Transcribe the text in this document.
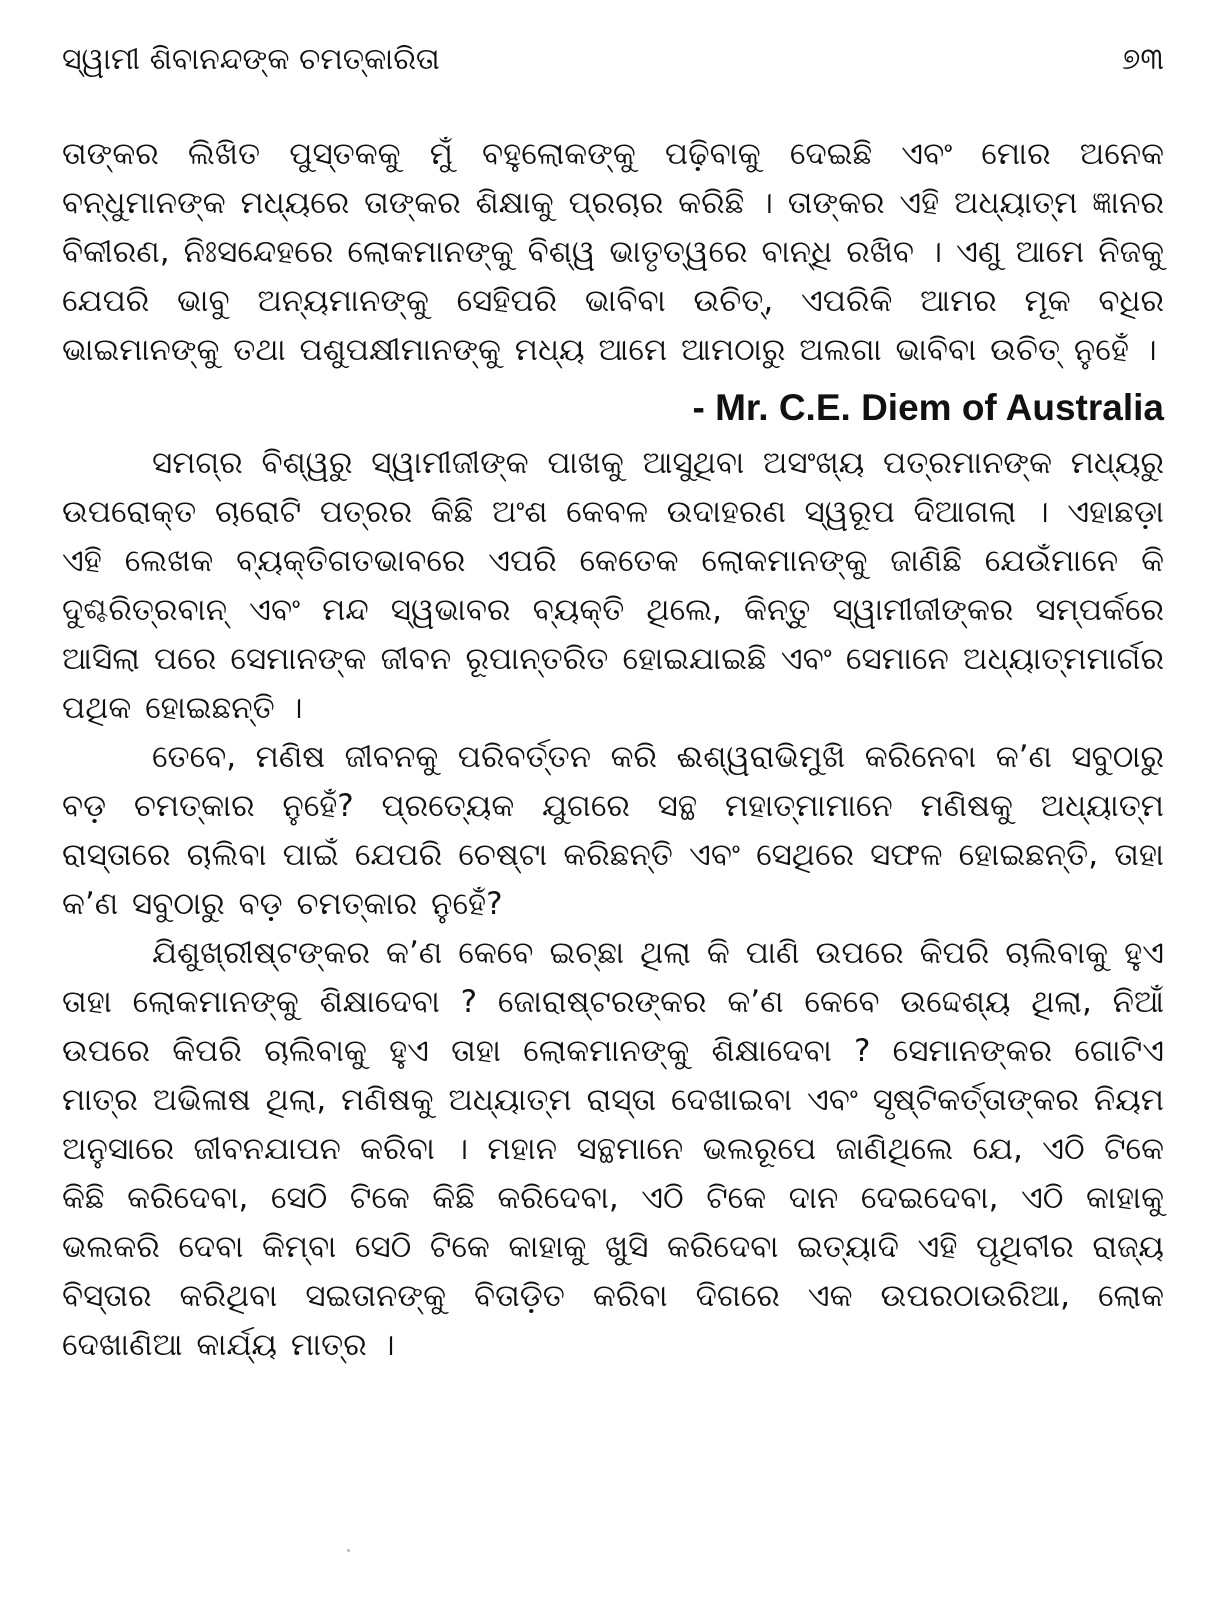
ସ୍ୱାମୀ ଶିବାନନ୍ଦଙ୍କ ଚମତ୍କାରିତା	୭୩

ତାଙ୍କର ଲିଖିତ ପୁସ୍ତକକୁ ମୁଁ ବହୁଲୋକଙ୍କୁ ପଢ଼ିବାକୁ ଦେଇଛି ଏବଂ ମୋର ଅନେକ ବନ୍ଧୁମାନଙ୍କ ମଧ୍ୟରେ ତାଙ୍କର ଶିକ୍ଷାକୁ ପ୍ରଚାର କରିଛି । ତାଙ୍କର ଏହି ଅଧ୍ୟାତ୍ମ ଜ୍ଞାନର ବିକୀରଣ, ନିଃସନ୍ଦେହରେ ଲୋକମାନଙ୍କୁ ବିଶ୍ୱ ଭାତୃତ୍ୱରେ ବାନ୍ଧି ରଖିବ । ଏଣୁ ଆମେ ନିଜକୁ ଯେପରି ଭାବୁ ଅନ୍ୟମାନଙ୍କୁ ସେହିପରି ଭାବିବା ଉଚିତ୍, ଏପରିକି ଆମର ମୂକ ବଧିର ଭାଇମାନଙ୍କୁ ତଥା ପଶୁପକ୍ଷୀମାନଙ୍କୁ ମଧ୍ୟ ଆମେ ଆମଠାରୁ ଅଲଗା ଭାବିବା ଉଚିତ୍ ନୁହେଁ ।

- Mr. C.E. Diem of Australia

ସମଗ୍ର ବିଶ୍ୱରୁ ସ୍ୱାମୀଜୀଙ୍କ ପାଖକୁ ଆସୁଥିବା ଅସଂଖ୍ୟ ପତ୍ରମାନଙ୍କ ମଧ୍ୟରୁ ଉପରୋକ୍ତ ଚାରୋଟି ପତ୍ରର କିଛି ଅଂଶ କେବଳ ଉଦାହରଣ ସ୍ୱରୂପ ଦିଆଗଲା । ଏହାଛଡ଼ା ଏହି ଲେଖକ ବ୍ୟକ୍ତିଗତଭାବରେ ଏପରି କେତେକ ଲୋକମାନଙ୍କୁ ଜାଣିଛି ଯେଉଁମାନେ କି ଦୁଶ୍ଚରିତ୍ରବାନ୍ ଏବଂ ମନ୍ଦ ସ୍ୱଭାବର ବ୍ୟକ୍ତି ଥିଲେ, କିନ୍ତୁ ସ୍ୱାମୀଜୀଙ୍କର ସମ୍ପର୍କରେ ଆସିଲା ପରେ ସେମାନଙ୍କ ଜୀବନ ରୂପାନ୍ତରିତ ହୋଇଯାଇଛି ଏବଂ ସେମାନେ ଅଧ୍ୟାତ୍ମମାର୍ଗର ପଥିକ ହୋଇଛନ୍ତି ।

ତେବେ, ମଣିଷ ଜୀବନକୁ ପରିବର୍ତ୍ତନ କରି ଈଶ୍ୱରାଭିମୁଖି କରିନେବା କ’ଣ ସବୁଠାରୁ ବଡ଼ ଚମତ୍କାର ନୁହେଁ? ପ୍ରତ୍ୟେକ ଯୁଗରେ ସନ୍ଥ ମହାତ୍ମାମାନେ ମଣିଷକୁ ଅଧ୍ୟାତ୍ମ ରାସ୍ତାରେ ଚାଲିବା ପାଇଁ ଯେପରି ଚେଷ୍ଟା କରିଛନ୍ତି ଏବଂ ସେଥିରେ ସଫଳ ହୋଇଛନ୍ତି, ତାହା କ’ଣ ସବୁଠାରୁ ବଡ଼ ଚମତ୍କାର ନୁହେଁ?

ଯିଶୁଖ୍ରୀଷ୍ଟଙ୍କର କ’ଣ କେବେ ଇଚ୍ଛା ଥିଲା କି ପାଣି ଉପରେ କିପରି ଚାଲିବାକୁ ହୁଏ ତାହା ଲୋକମାନଙ୍କୁ ଶିକ୍ଷାଦେବା ? ଜୋରାଷ୍ଟରଙ୍କର କ’ଣ କେବେ ଉଦ୍ଦେଶ୍ୟ ଥିଲା, ନିଆଁ ଉପରେ କିପରି ଚାଲିବାକୁ ହୁଏ ତାହା ଲୋକମାନଙ୍କୁ ଶିକ୍ଷାଦେବା ? ସେମାନଙ୍କର ଗୋଟିଏ ମାତ୍ର ଅଭିଳାଷ ଥିଲା, ମଣିଷକୁ ଅଧ୍ୟାତ୍ମ ରାସ୍ତା ଦେଖାଇବା ଏବଂ ସୃଷ୍ଟିକର୍ତ୍ତାଙ୍କର ନିୟମ ଅନୁସାରେ ଜୀବନଯାପନ କରିବା । ମହାନ ସନ୍ଥମାନେ ଭଲରୂପେ ଜାଣିଥିଲେ ଯେ, ଏଠି ଟିକେ କିଛି କରିଦେବା, ସେଠି ଟିକେ କିଛି କରିଦେବା, ଏଠି ଟିକେ ଦାନ ଦେଇଦେବା, ଏଠି କାହାକୁ ଭଲକରି ଦେବା କିମ୍ବା ସେଠି ଟିକେ କାହାକୁ ଖୁସି କରିଦେବା ଇତ୍ୟାଦି ଏହି ପୃଥିବୀର ରାଜ୍ୟ ବିସ୍ତାର କରିଥିବା ସଇତାନଙ୍କୁ ବିତାଡ଼ିତ କରିବା ଦିଗରେ ଏକ ଉପରଠାଉରିଆ, ଲୋକ ଦେଖାଣିଆ କାର୍ଯ୍ୟ ମାତ୍ର ।
